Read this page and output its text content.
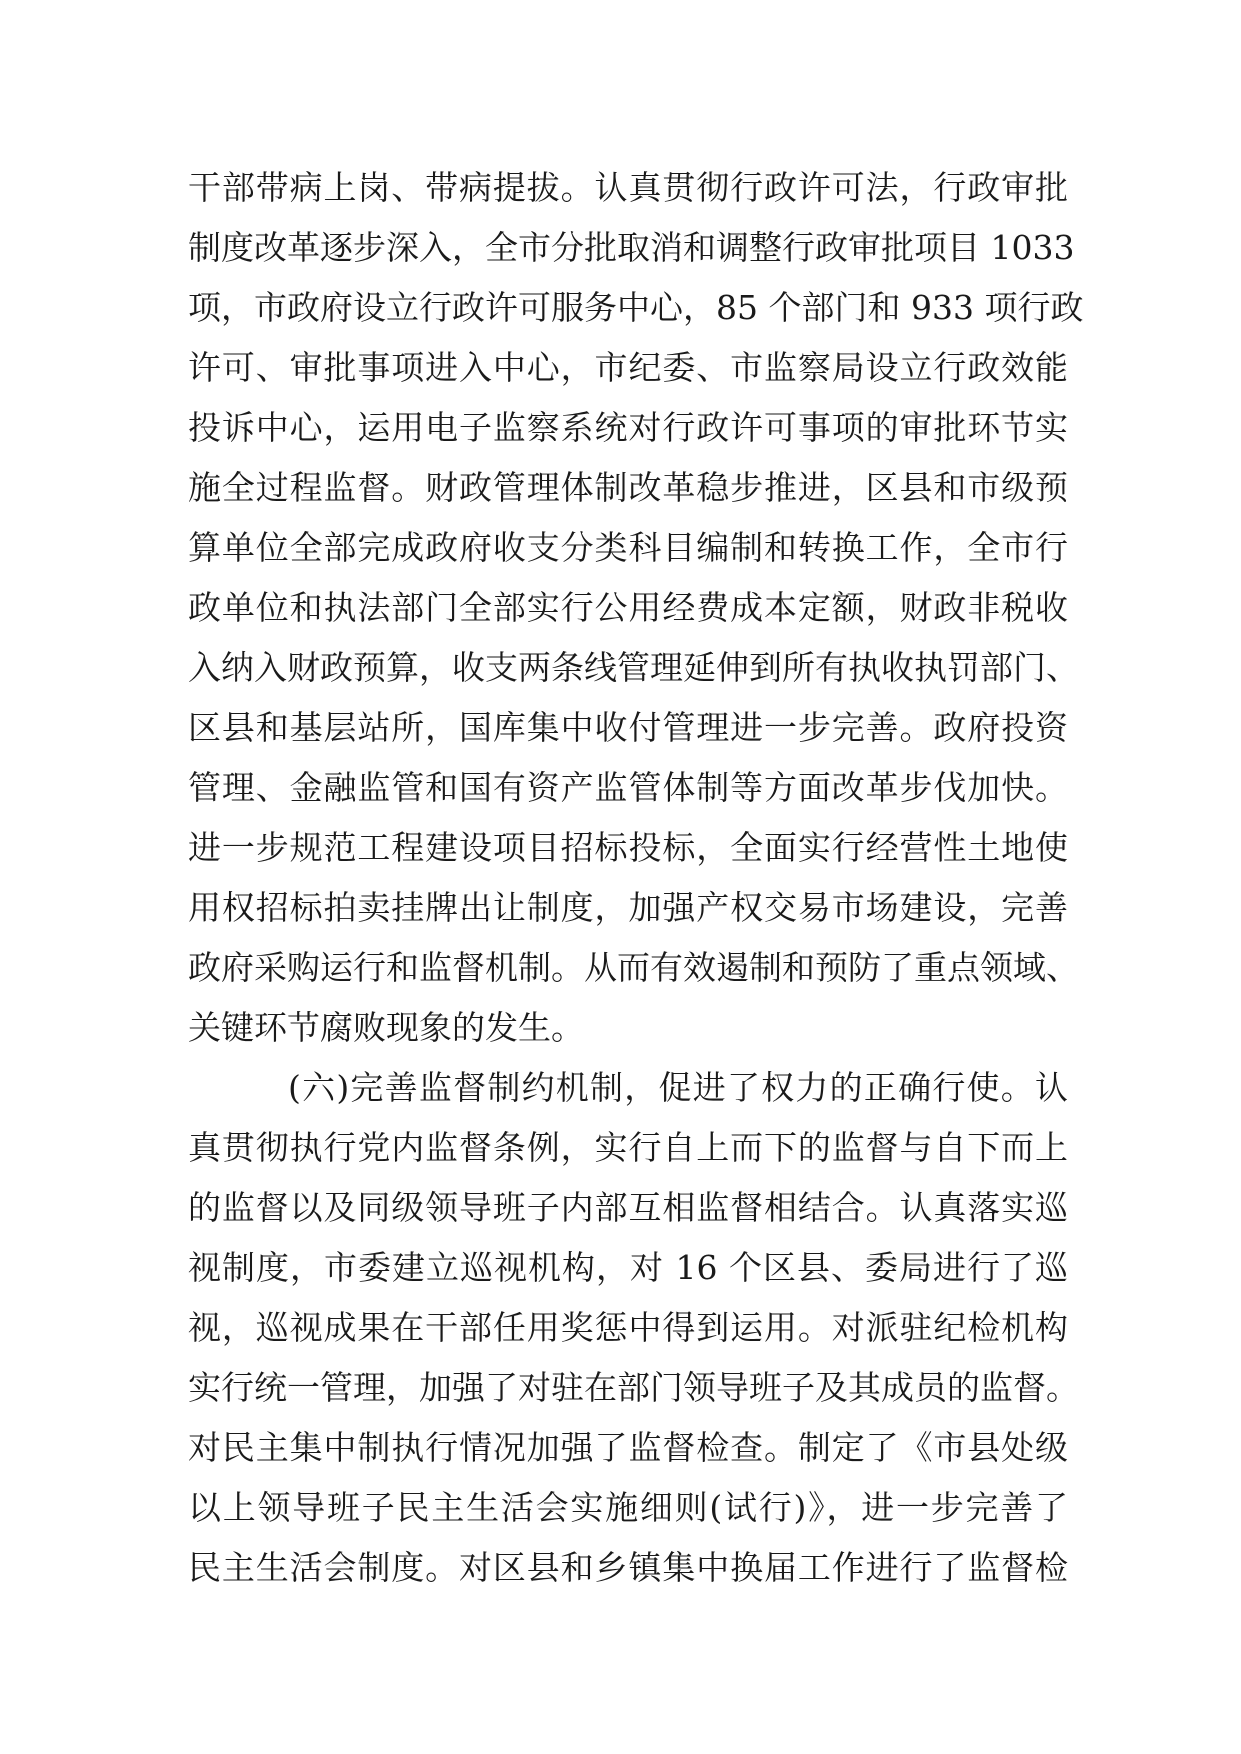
干部带病上岗、带病提拔。认真贯彻行政许可法，行政审批
制度改革逐步深入，全市分批取消和调整行政审批项目 1033
项，市政府设立行政许可服务中心，85 个部门和 933 项行政
许可、审批事项进入中心，市纪委、市监察局设立行政效能
投诉中心，运用电子监察系统对行政许可事项的审批环节实
施全过程监督。财政管理体制改革稳步推进，区县和市级预
算单位全部完成政府收支分类科目编制和转换工作，全市行
政单位和执法部门全部实行公用经费成本定额，财政非税收
入纳入财政预算，收支两条线管理延伸到所有执收执罚部门、
区县和基层站所，国库集中收付管理进一步完善。政府投资
管理、金融监管和国有资产监管体制等方面改革步伐加快。
进一步规范工程建设项目招标投标，全面实行经营性土地使
用权招标拍卖挂牌出让制度，加强产权交易市场建设，完善
政府采购运行和监督机制。从而有效遏制和预防了重点领域、
关键环节腐败现象的发生。
(六)完善监督制约机制，促进了权力的正确行使。认
真贯彻执行党内监督条例，实行自上而下的监督与自下而上
的监督以及同级领导班子内部互相监督相结合。认真落实巡
视制度，市委建立巡视机构，对 16 个区县、委局进行了巡
视，巡视成果在干部任用奖惩中得到运用。对派驻纪检机构
实行统一管理，加强了对驻在部门领导班子及其成员的监督。
对民主集中制执行情况加强了监督检查。制定了《市县处级
以上领导班子民主生活会实施细则(试行)》，进一步完善了
民主生活会制度。对区县和乡镇集中换届工作进行了监督检
